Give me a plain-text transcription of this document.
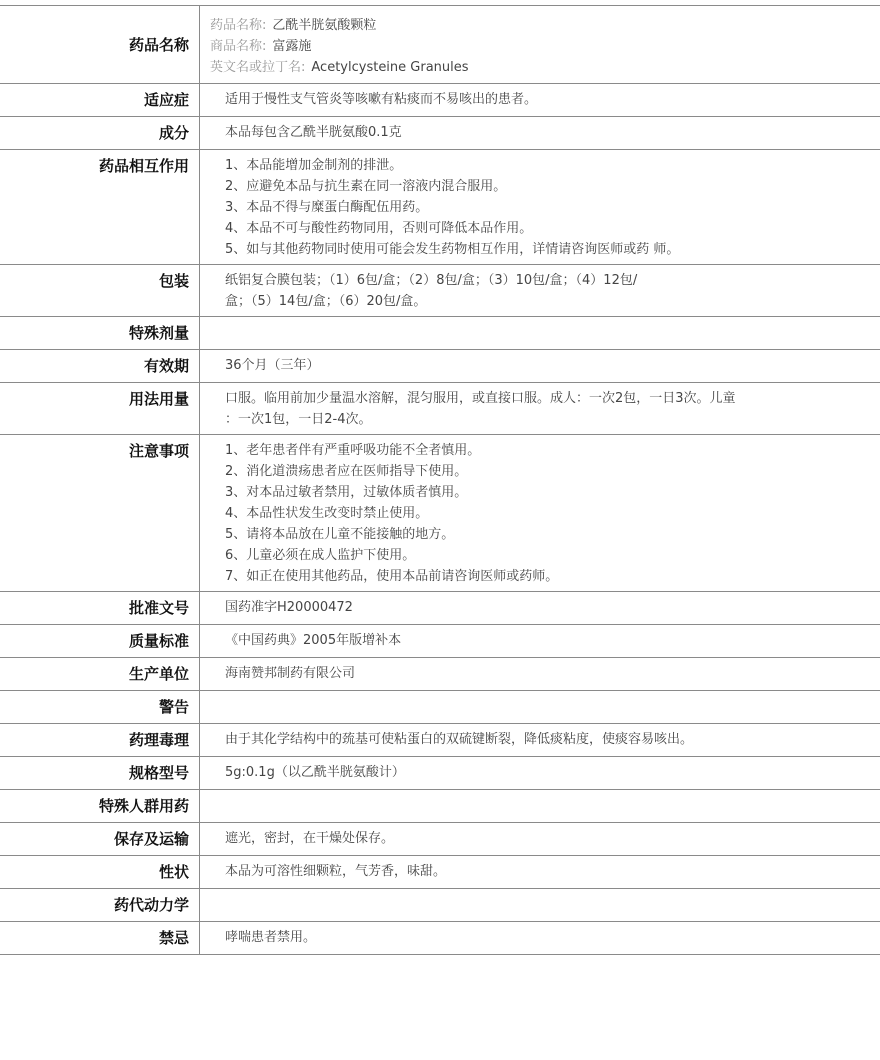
药品名称
药品名称: 乙酰半胱氨酸颗粒
商品名称: 富露施
英文名或拉丁名: Acetylcysteine Granules
适应症	适用于慢性支气管炎等咳嗽有粘痰而不易咳出的患者。
成分	本品每包含乙酰半胱氨酸0.1克
药品相互作用	1、本品能增加金制剂的排泄。
2、应避免本品与抗生素在同一溶液内混合服用。
3、本品不得与糜蛋白酶配伍用药。
4、本品不可与酸性药物同用，否则可降低本品作用。
5、如与其他药物同时使用可能会发生药物相互作用，详情请咨询医师或药 师。
包装	纸铝复合膜包装；（1）6包/盒；（2）8包/盒；（3）10包/盒；（4）12包/
盒；（5）14包/盒；（6）20包/盒。
特殊剂量
有效期	36个月（三年）
用法用量	口服。临用前加少量温水溶解，混匀服用，或直接口服。成人：一次2包，一日3次。儿童
：一次1包，一日2-4次。
注意事项	1、老年患者伴有严重呼吸功能不全者慎用。
2、消化道溃疡患者应在医师指导下使用。
3、对本品过敏者禁用，过敏体质者慎用。
4、本品性状发生改变时禁止使用。
5、请将本品放在儿童不能接触的地方。
6、儿童必须在成人监护下使用。
7、如正在使用其他药品，使用本品前请咨询医师或药师。
批准文号	国药准字H20000472
质量标准	《中国药典》2005年版增补本
生产单位	海南赞邦制药有限公司
警告
药理毒理	由于其化学结构中的巯基可使粘蛋白的双硫键断裂，降低痰粘度，使痰容易咳出。
规格型号	5g:0.1g（以乙酰半胱氨酸计）
特殊人群用药
保存及运输	遮光，密封，在干燥处保存。
性状	本品为可溶性细颗粒，气芳香，味甜。
药代动力学
禁忌	哮喘患者禁用。
